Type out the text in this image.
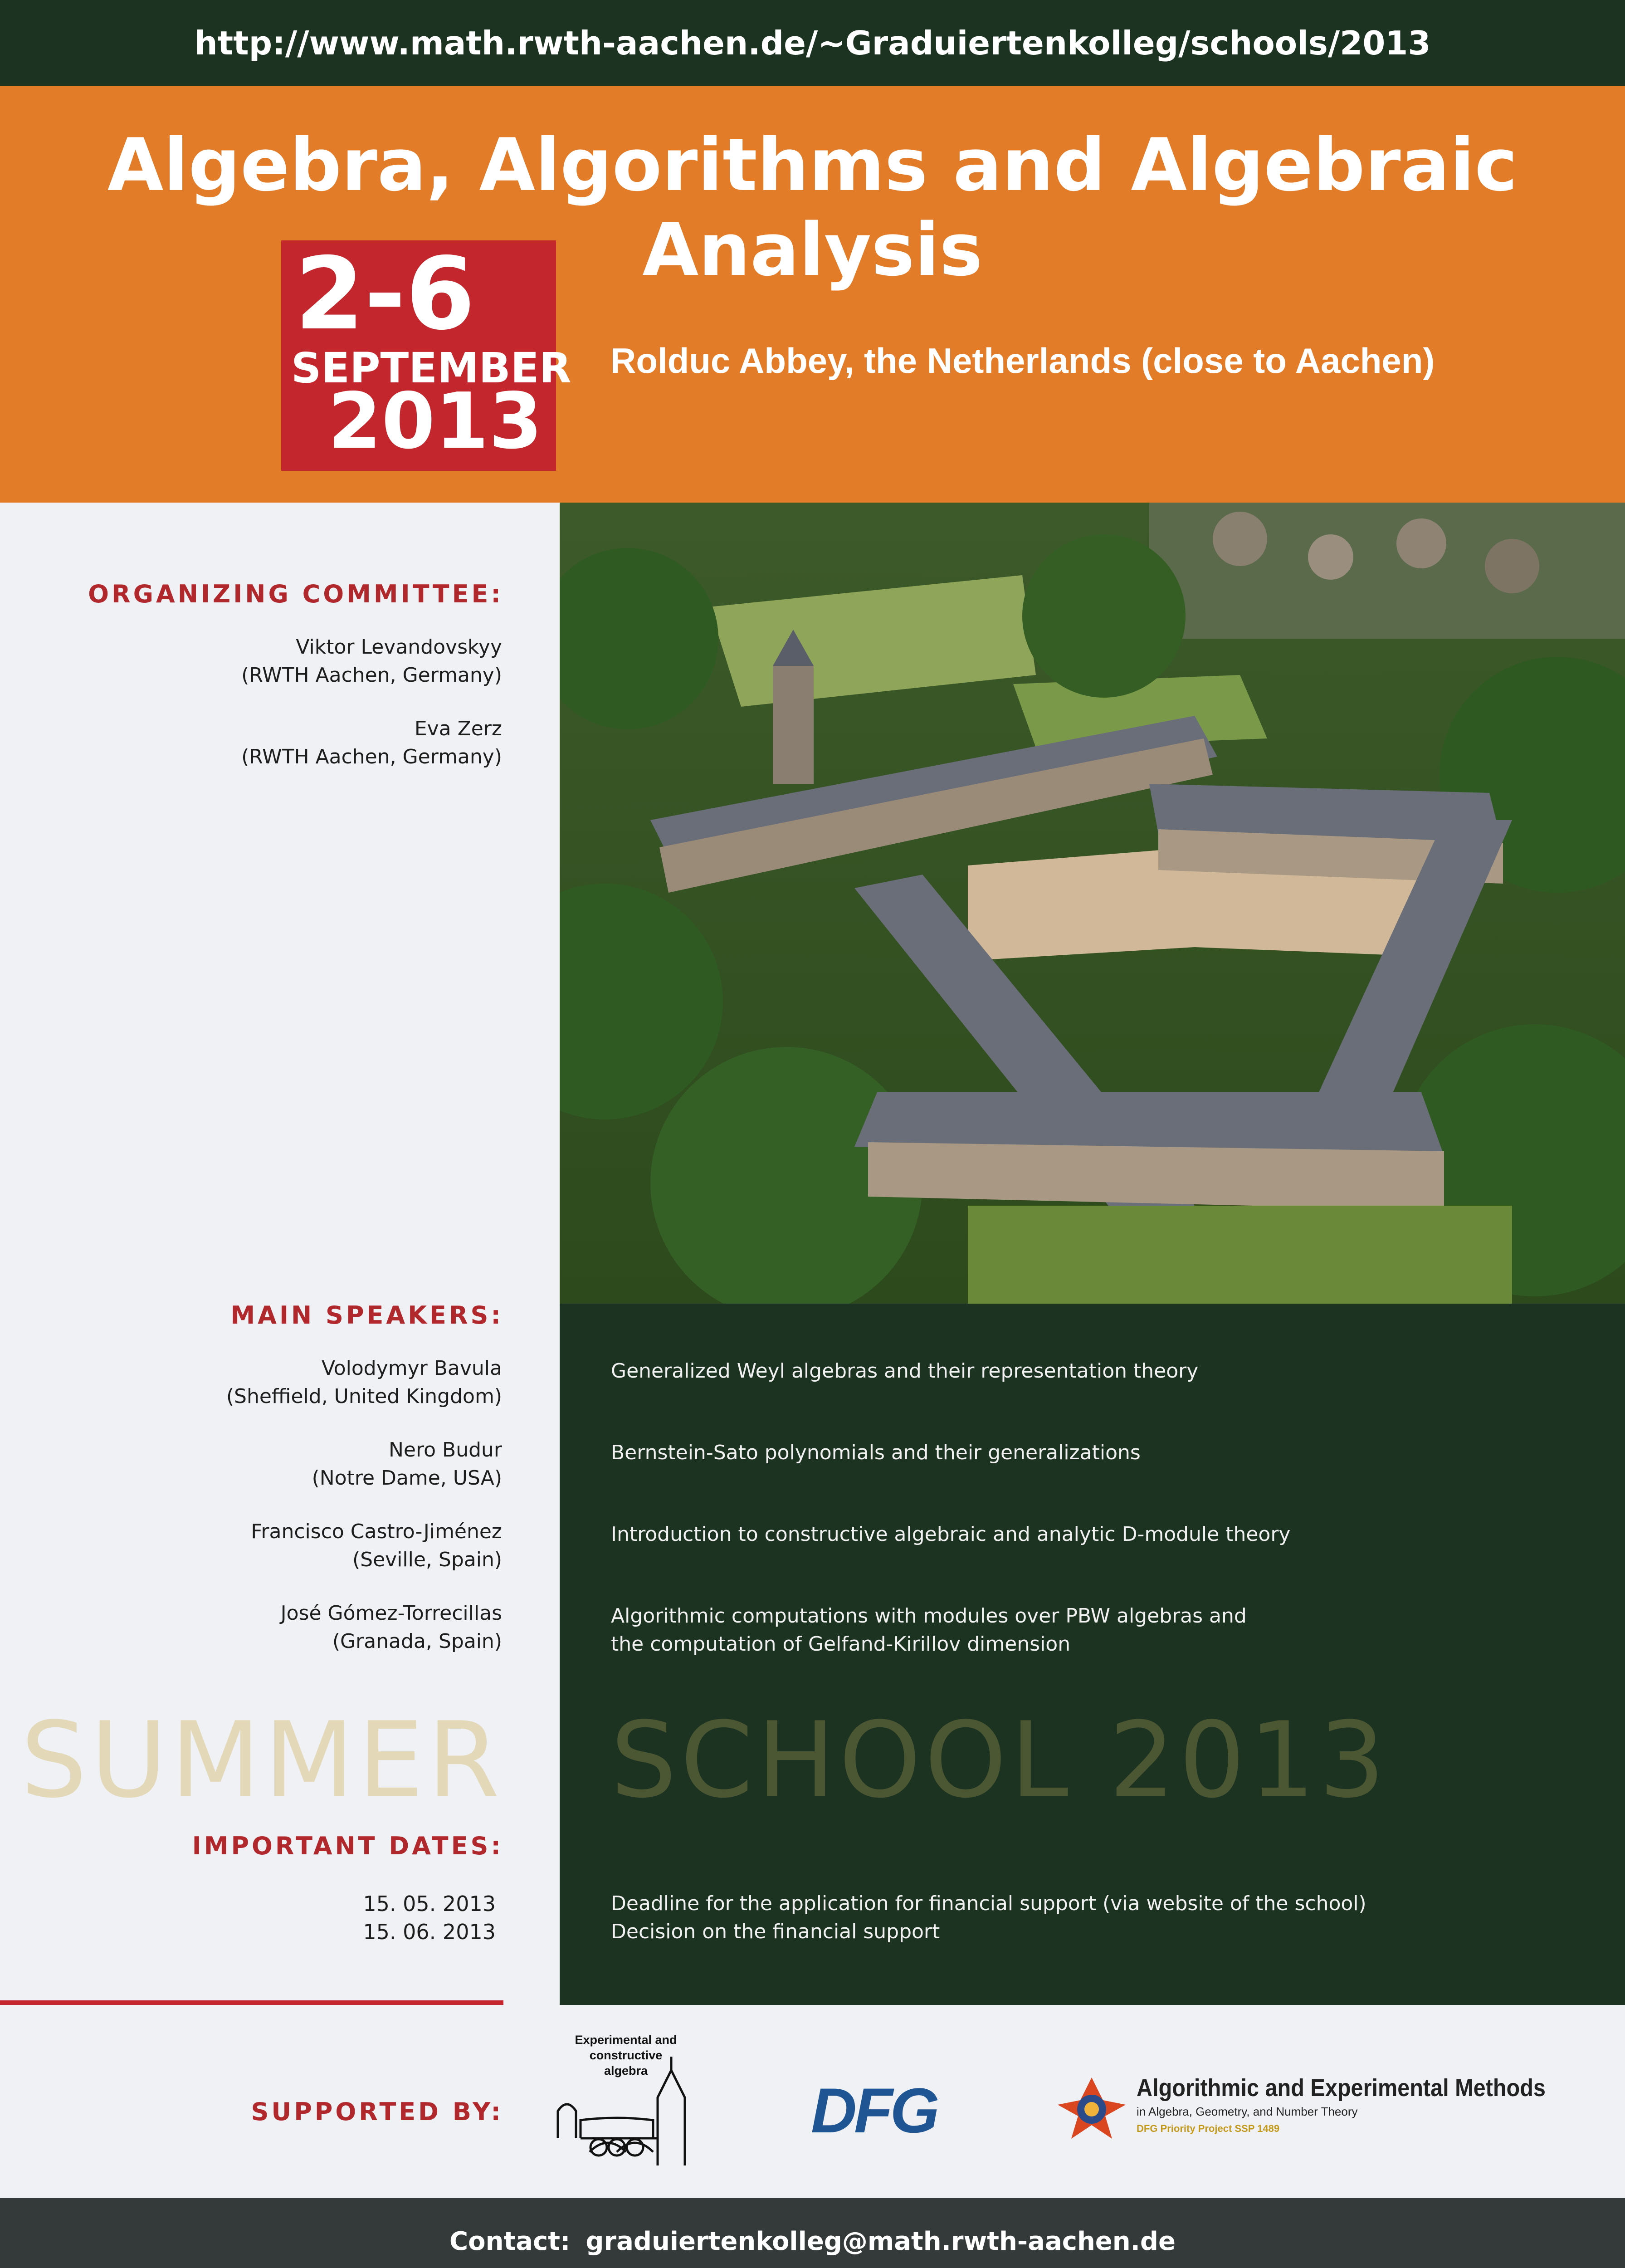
http://www.math.rwth-aachen.de/~Graduiertenkolleg/schools/2013
Algebra, Algorithms and Algebraic Analysis
2-6
SEPTEMBER
2013
Rolduc Abbey, the Netherlands (close to Aachen)
ORGANIZING COMMITTEE:
Viktor Levandovskyy
(RWTH Aachen, Germany)
Eva Zerz
(RWTH Aachen, Germany)
MAIN SPEAKERS:
Volodymyr Bavula
(Sheffield, United Kingdom)
Generalized Weyl algebras and their representation theory
Nero Budur
(Notre Dame, USA)
Bernstein-Sato polynomials and their generalizations
Francisco Castro-Jiménez
(Seville, Spain)
Introduction to constructive algebraic and analytic D-module theory
José Gómez-Torrecillas
(Granada, Spain)
Algorithmic computations with modules over PBW algebras and
the computation of Gelfand-Kirillov dimension
SUMMER SCHOOL 2013
IMPORTANT DATES:
15. 05. 2013
15. 06. 2013
Deadline for the application for financial support (via website of the school)
Decision on the financial support
SUPPORTED BY:
Experimental and
constructive
algebra
DFG	Algorithmic and Experimental Methods
in Algebra, Geometry, and Number Theory
DFG Priority Project SSP 1489
Contact: graduiertenkolleg@math.rwth-aachen.de
